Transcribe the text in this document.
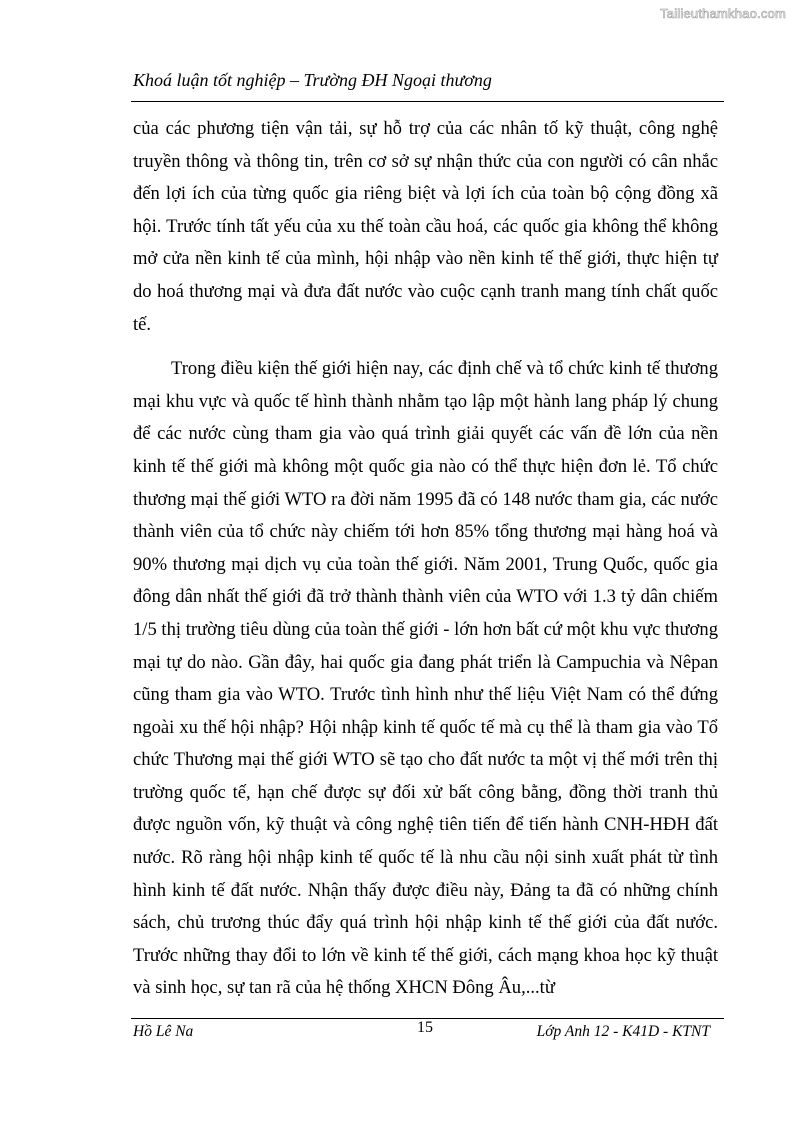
Tailieuthamkhao.com
Khoá luận tốt nghiệp – Trường ĐH Ngoại thương

của các phương tiện vận tải, sự hỗ trợ của các nhân tố kỹ thuật, công nghệ truyền thông và thông tin, trên cơ sở sự nhận thức của con người có cân nhắc đến lợi ích của từng quốc gia riêng biệt và lợi ích của toàn bộ cộng đồng xã hội. Trước tính tất yếu của xu thế toàn cầu hoá, các quốc gia không thể không mở cửa nền kinh tế của mình, hội nhập vào nền kinh tế thế giới, thực hiện tự do hoá thương mại và đưa đất nước vào cuộc cạnh tranh mang tính chất quốc tế.

Trong điều kiện thế giới hiện nay, các định chế và tổ chức kinh tế thương mại khu vực và quốc tế hình thành nhằm tạo lập một hành lang pháp lý chung để các nước cùng tham gia vào quá trình giải quyết các vấn đề lớn của nền kinh tế thế giới mà không một quốc gia nào có thể thực hiện đơn lẻ. Tổ chức thương mại thế giới WTO ra đời năm 1995 đã có 148 nước tham gia, các nước thành viên của tổ chức này chiếm tới hơn 85% tổng thương mại hàng hoá và 90% thương mại dịch vụ của toàn thế giới. Năm 2001, Trung Quốc, quốc gia đông dân nhất thế giới đã trở thành thành viên của WTO với 1.3 tỷ dân chiếm 1/5 thị trường tiêu dùng của toàn thế giới - lớn hơn bất cứ một khu vực thương mại tự do nào. Gần đây, hai quốc gia đang phát triển là Campuchia và Nêpan cũng tham gia vào WTO. Trước tình hình như thế liệu Việt Nam có thể đứng ngoài xu thế hội nhập? Hội nhập kinh tế quốc tế mà cụ thể là tham gia vào Tổ chức Thương mại thế giới WTO sẽ tạo cho đất nước ta một vị thế mới trên thị trường quốc tế, hạn chế được sự đối xử bất công bằng, đồng thời tranh thủ được nguồn vốn, kỹ thuật và công nghệ tiên tiến để tiến hành CNH-HĐH đất nước. Rõ ràng hội nhập kinh tế quốc tế là nhu cầu nội sinh xuất phát từ tình hình kinh tế đất nước. Nhận thấy được điều này, Đảng ta đã có những chính sách, chủ trương thúc đẩy quá trình hội nhập kinh tế thế giới của đất nước. Trước những thay đổi to lớn về kinh tế thế giới, cách mạng khoa học kỹ thuật và sinh học, sự tan rã của hệ thống XHCN Đông Âu,...từ

Hồ Lê Na	15	Lớp Anh 12 - K41D - KTNT
